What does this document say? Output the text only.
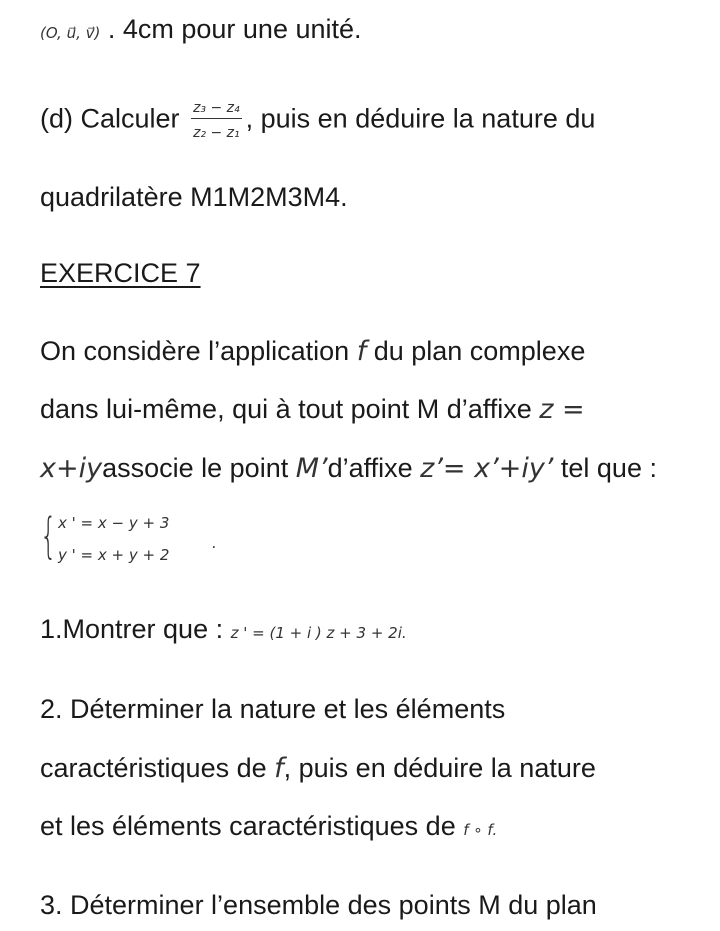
(O, u⃗, v⃗) . 4cm pour une unité.
(d) Calculer $\frac{\text{z₃ − z₄}}{\text{z₂ − z₁}}$ , puis en déduire la nature du
quadrilatère M1M2M3M4.
EXERCICE 7
On considère l’application f du plan complexe
dans lui-même, qui à tout point M d’affixe z =
x+iyassocie le point M’d’affixe z’= x’+iy’ tel que :
{ x ' = x − y + 3
y ' = x + y + 2
.
1.Montrer que : z ' = (1 + i ) z + 3 + 2i.
2. Déterminer la nature et les éléments
caractéristiques de f, puis en déduire la nature
et les éléments caractéristiques de f ∘ f.
3. Déterminer l’ensemble des points M du plan
